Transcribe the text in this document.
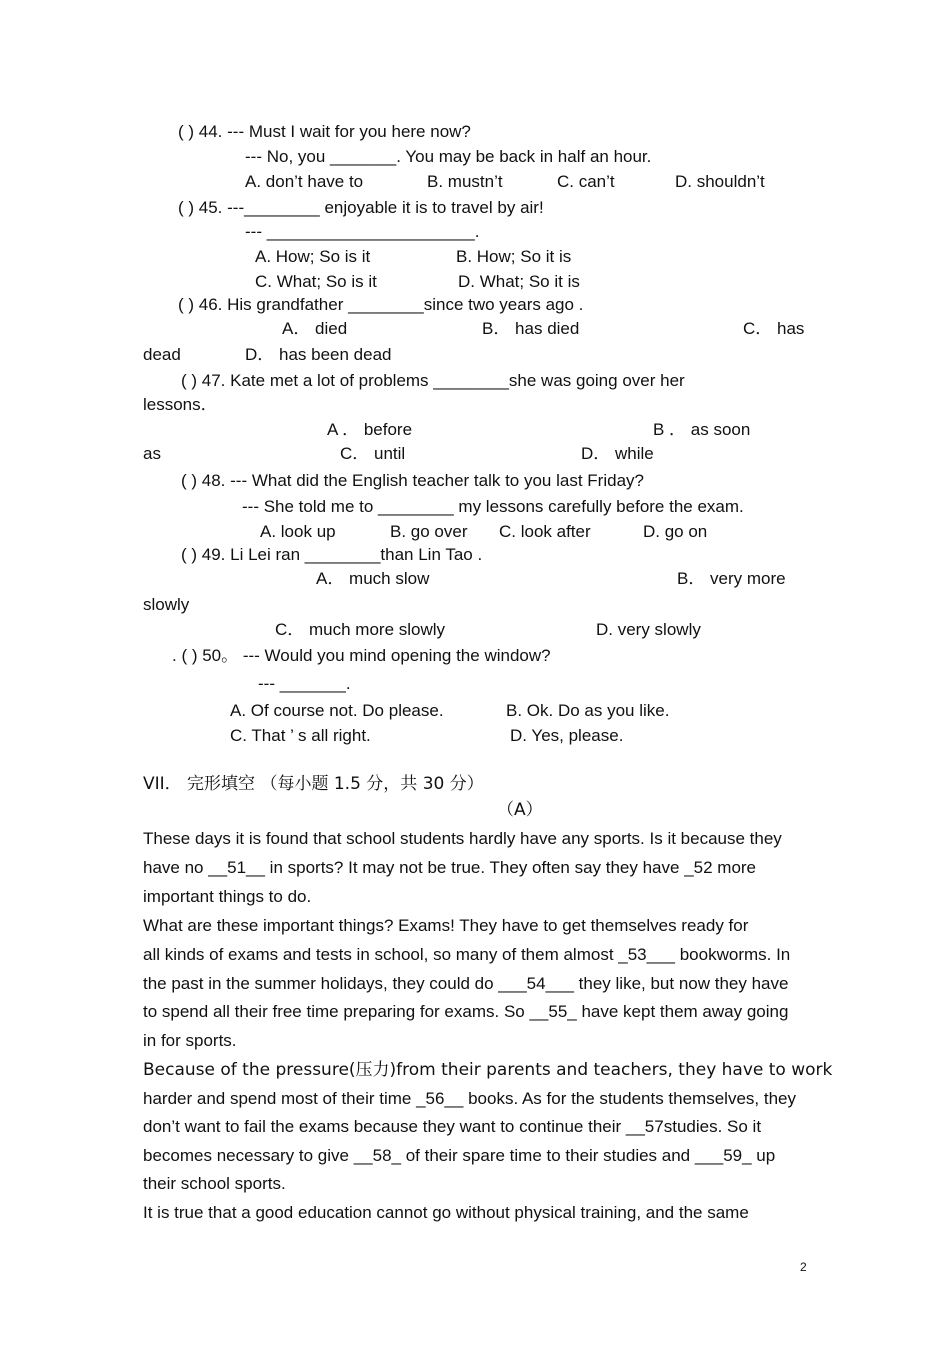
( ) 44. --- Must I wait for you here now?
--- No, you _______. You may be back in half an hour.
A. don’t have to	B. mustn’t	C. can’t	D. shouldn’t
( ) 45. ---________ enjoyable it is to travel by air!
--- ______________________.
A. How; So is it	B. How; So it is
C. What; So is it	D. What; So it is
( ) 46. His grandfather ________since two years ago .
A． died	B． has died	C． has
dead	D． has been dead
( ) 47. Kate met a lot of problems ________she was going over her
lessons．
A ． before	B ． as soon
as	C． until	D． while
( ) 48. --- What did the English teacher talk to you last Friday?
--- She told me to ________ my lessons carefully before the exam.
A. look up	B. go over C. look after	D. go on
( ) 49. Li Lei ran ________than Lin Tao .
A． much slow	B． very more
slowly
C． much more slowly	D. very slowly
. ( ) 50。 --- Would you mind opening the window?
--- _______.
A. Of course not. Do please.	B. Ok. Do as you like.
C. That ’ s all right.	D. Yes, please.
VII． 完形填空 （每小题 1.5 分，共 30 分）
（A）
These days it is found that school students hardly have any sports. Is it because they
have no __51__ in sports? It may not be true. They often say they have _52 more
important things to do.
What are these important things? Exams! They have to get themselves ready for
all kinds of exams and tests in school, so many of them almost _53___ bookworms. In
the past in the summer holidays, they could do ___54___ they like, but now they have
to spend all their free time preparing for exams. So __55_ have kept them away going
in for sports.
Because of the pressure(压力)from their parents and teachers, they have to work
harder and spend most of their time _56__ books. As for the students themselves, they
don’t want to fail the exams because they want to continue their __57studies. So it
becomes necessary to give __58_ of their spare time to their studies and ___59_ up
their school sports.
It is true that a good education cannot go without physical training, and the same
2
